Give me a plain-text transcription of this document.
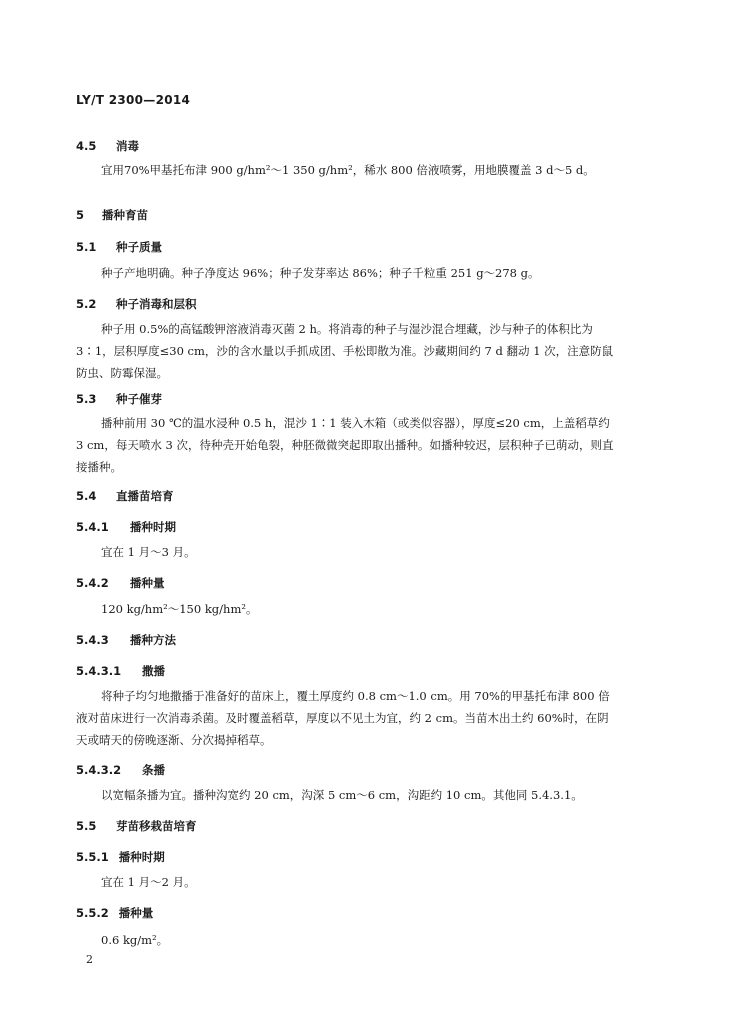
LY/T 2300—2014
4.5 消毒
宜用70%甲基托布津 900 g/hm²～1 350 g/hm²，稀水 800 倍液喷雾，用地膜覆盖 3 d～5 d。
5 播种育苗
5.1 种子质量
种子产地明确。种子净度达 96%；种子发芽率达 86%；种子千粒重 251 g～278 g。
5.2 种子消毒和层积
种子用 0.5%的高锰酸钾溶液消毒灭菌 2 h。将消毒的种子与湿沙混合埋藏，沙与种子的体积比为
3∶1，层积厚度≤30 cm，沙的含水量以手抓成团、手松即散为准。沙藏期间约 7 d 翻动 1 次，注意防鼠
防虫、防霉保湿。
5.3 种子催芽
播种前用 30 ℃的温水浸种 0.5 h，混沙 1∶1 装入木箱（或类似容器），厚度≤20 cm，上盖稻草约
3 cm，每天喷水 3 次，待种壳开始龟裂，种胚微微突起即取出播种。如播种较迟，层积种子已萌动，则直
接播种。
5.4 直播苗培育
5.4.1 播种时期
宜在 1 月～3 月。
5.4.2 播种量
120 kg/hm²～150 kg/hm²。
5.4.3 播种方法
5.4.3.1 撒播
将种子均匀地撒播于准备好的苗床上，覆土厚度约 0.8 cm～1.0 cm。用 70%的甲基托布津 800 倍
液对苗床进行一次消毒杀菌。及时覆盖稻草，厚度以不见土为宜，约 2 cm。当苗木出土约 60%时，在阴
天或晴天的傍晚逐渐、分次揭掉稻草。
5.4.3.2 条播
以宽幅条播为宜。播种沟宽约 20 cm，沟深 5 cm～6 cm，沟距约 10 cm。其他同 5.4.3.1。
5.5 芽苗移栽苗培育
5.5.1 播种时期
宜在 1 月～2 月。
5.5.2 播种量
0.6 kg/m²。
2
